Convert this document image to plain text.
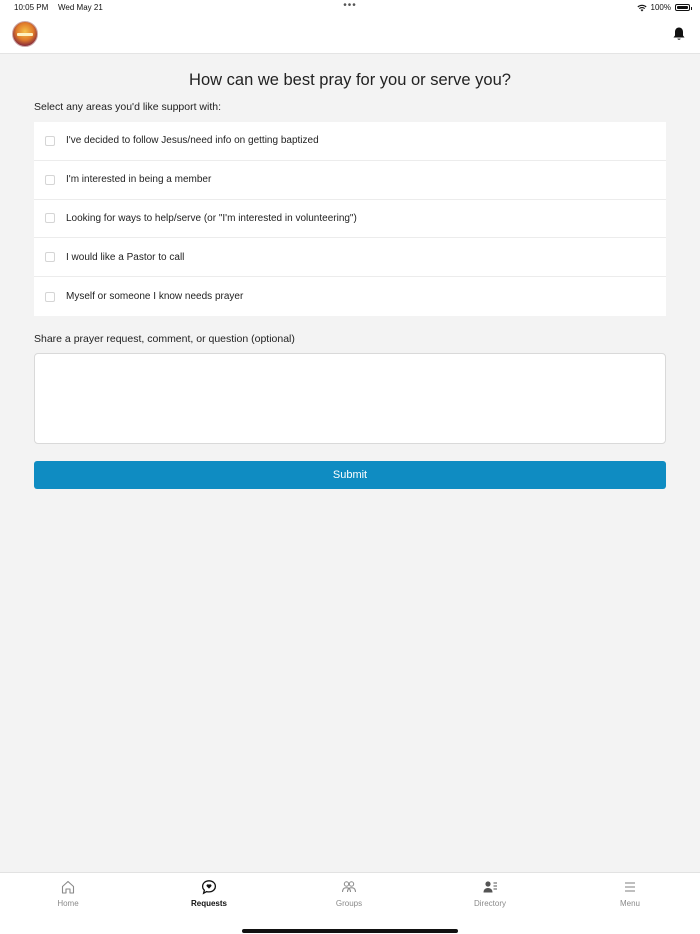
10:05 PM Wed May 21	•••	100%
How can we best pray for you or serve you?
Select any areas you'd like support with:
I've decided to follow Jesus/need info on getting baptized
I'm interested in being a member
Looking for ways to help/serve (or "I'm interested in volunteering")
I would like a Pastor to call
Myself or someone I know needs prayer
Share a prayer request, comment, or question (optional)
Submit
Home	Requests	Groups	Directory	Menu
